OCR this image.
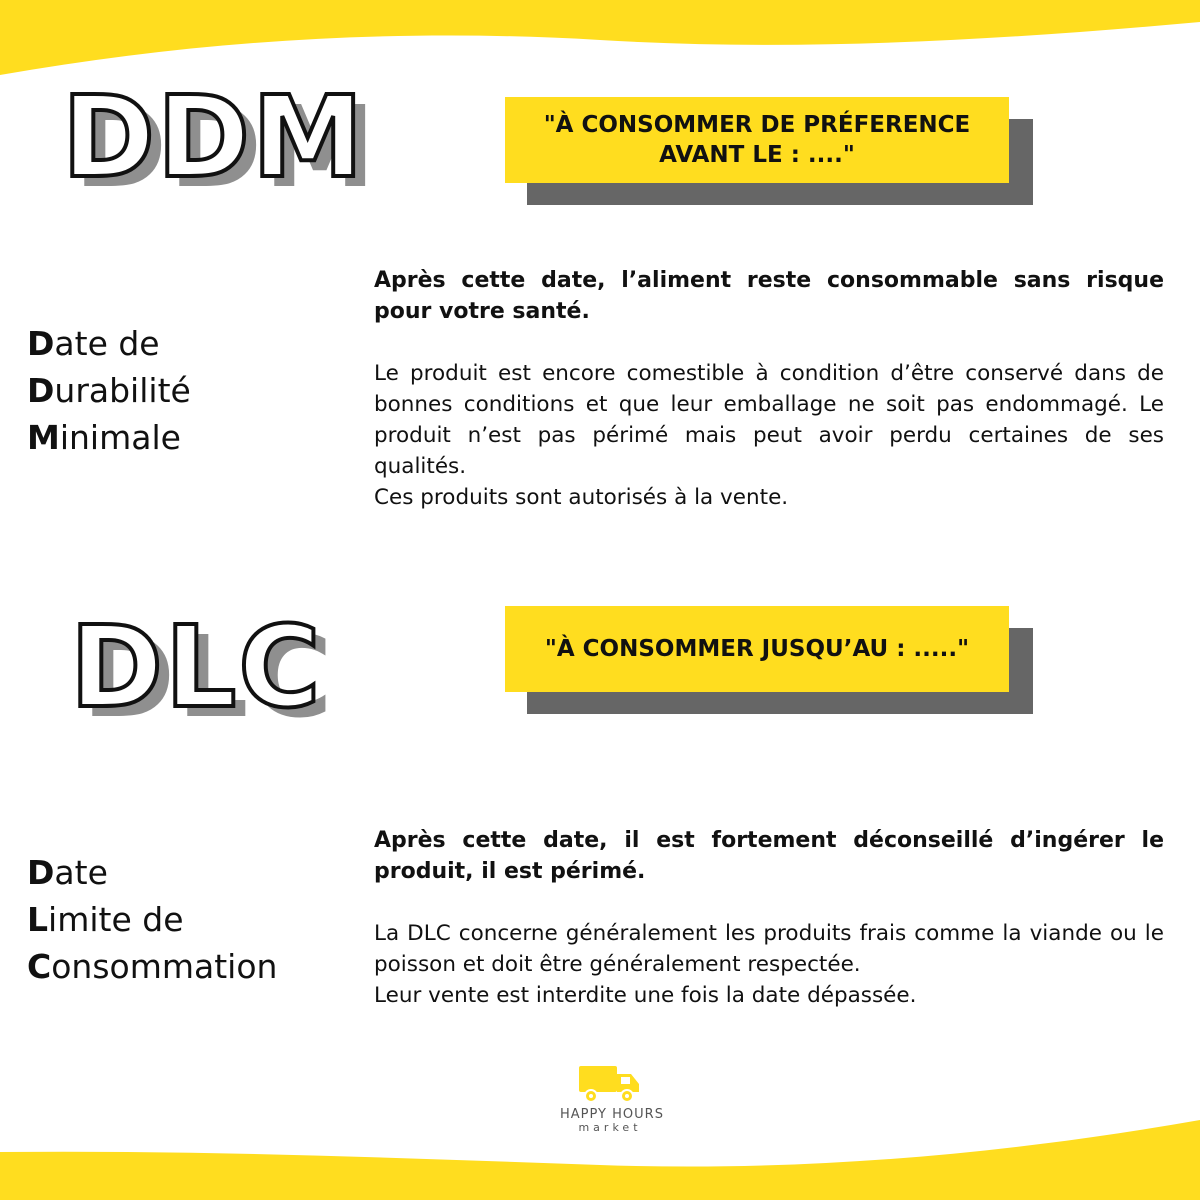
DDM	"À CONSOMMER DE PRÉFERENCE
AVANT LE : ...."
Date de
Durabilité
Minimale

Après cette date, l’aliment reste consommable sans risque pour votre santé.

Le produit est encore comestible à condition d’être conservé dans de bonnes conditions et que leur emballage ne soit pas endommagé. Le produit n’est pas périmé mais peut avoir perdu certaines de ses qualités.

Ces produits sont autorisés à la vente.

DLC	"À CONSOMMER JUSQU’AU : ....."
Date
Limite de
Consommation

Après cette date, il est fortement déconseillé d’ingérer le produit, il est périmé.

La DLC concerne généralement les produits frais comme la viande ou le poisson et doit être généralement respectée.

Leur vente est interdite une fois la date dépassée.

HAPPY HOURS
market
